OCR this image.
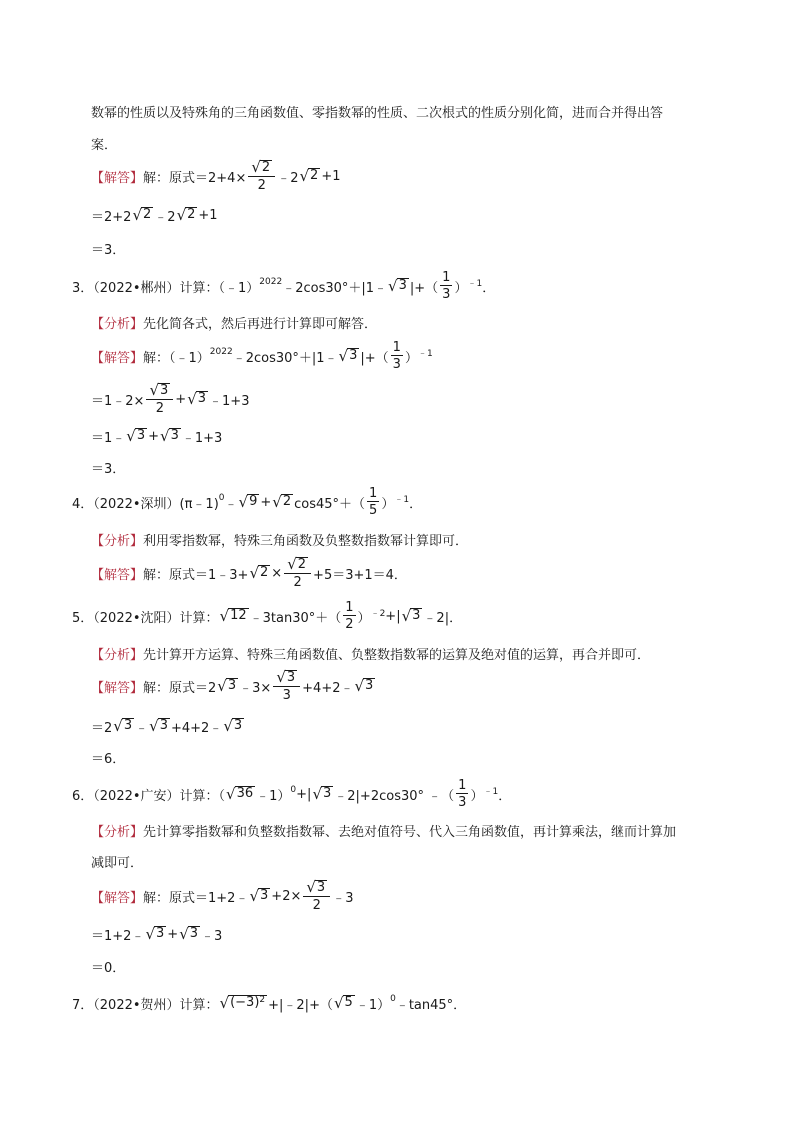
数幂的性质以及特殊角的三角函数值、零指数幂的性质、二次根式的性质分别化简，进而合并得出答
案．
【解答】 解：原式$=2+4\times \frac{√ 2}{2}$ ﹣2 √ 2 +1
＝2+2 √ 2 ﹣2 √ 2 +1
＝3．
3．（2022•郴州）计算：（﹣1）$^{2022}$ ﹣2cos30°＋|1﹣ √ 3 |+（ $\frac{1}{3} )^{﹣1}$ ．
【分析】 先化简各式，然后再进行计算即可解答．
【解答】 解：（﹣1）$^{2022}$ ﹣2cos30°＋|1﹣ √ 3 |+（ $\frac{1}{3} )^{﹣1}$
＝1﹣2× $\frac{√ 3}{2}$ + √ 3 ﹣1+3
＝1﹣ √ 3 + √ 3 ﹣1+3
＝3．
4．（2022•深圳）(π﹣1)$^0$ ﹣ √ 9 + √ 2 $\cos 45^\circ+( \frac{1}{5} )^{﹣1}$ ．
【分析】 利用零指数幂，特殊三角函数及负整数指数幂计算即可．
【解答】 解：原式＝1﹣3+ √ $2 \times \frac{√ 2}{2} +5=3+1=4$．
5．（2022•沈阳）计算： √ 12 ﹣3tan30°＋（ $\frac{1}{2} )^{﹣2}$ +| √ 3 ﹣2|．
【分析】 先计算开方运算、特殊三角函数值、负整数指数幂的运算及绝对值的运算，再合并即可．
【解答】 解：原式＝2 √ 3 ﹣3× $\frac{√ 3}{3}$ +4+2﹣ √ 3
＝2 √ 3 ﹣ √ 3 +4+2﹣ √ 3
＝6．
6．（2022•广安）计算：（ √ 36 ﹣1）$^0$ +| √ 3 ﹣2|+2cos30° ﹣（ $\frac{1}{3} )^{﹣1}$ ．
【分析】 先计算零指数幂和负整数指数幂、去绝对值符号、代入三角函数值，再计算乘法，继而计算加
减即可．
【解答】 解：原式＝1+2﹣ √ $3 +2\times \frac{√ 3}{2}$ ﹣3
＝1+2﹣ √ 3 + √ 3 ﹣3
＝0．
7．（2022•贺州）计算： √ $(-3)^2$ +|﹣2|+（ √ 5 ﹣1）$^0$ ﹣tan45°．
